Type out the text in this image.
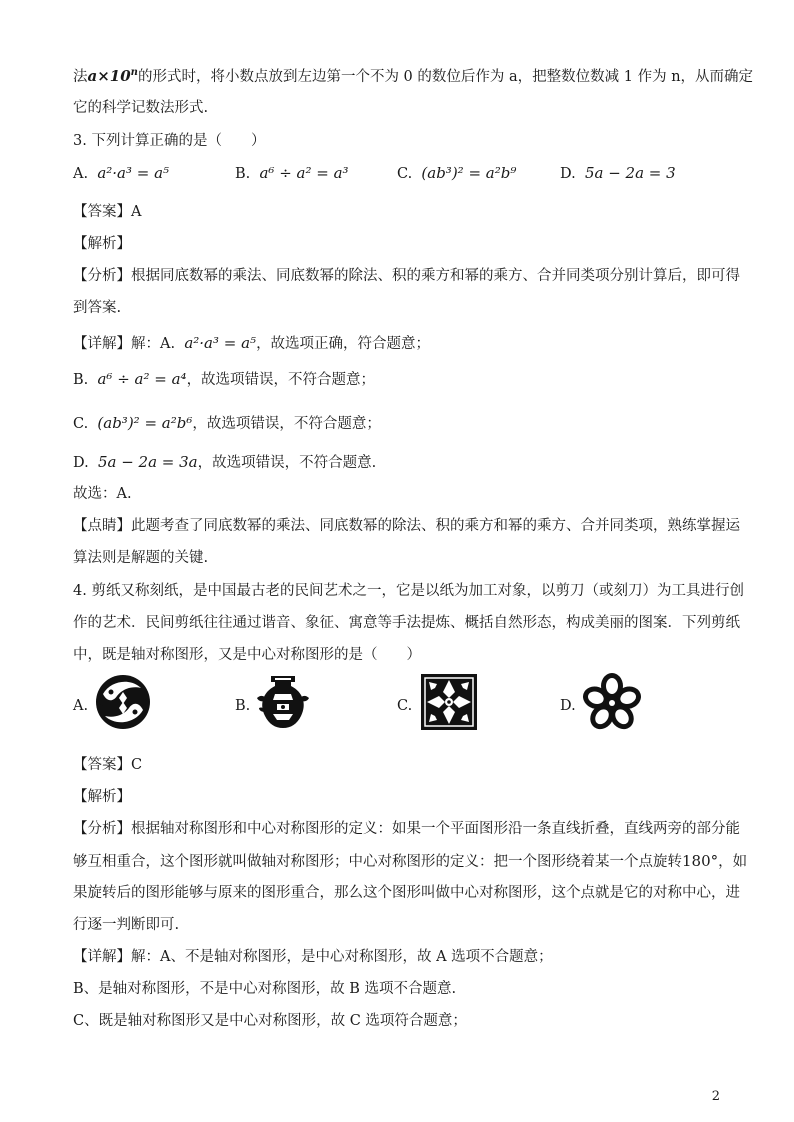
法$a\times 10^n$的形式时，将小数点放到左边第一个不为 0 的数位后作为 a，把整数位数减 1 作为 n，从而确定
它的科学记数法形式.
3. 下列计算正确的是（　　）
A. a²·a³ = a⁵	B. a⁶ ÷ a² = a³	C. (ab³)² = a²b⁹	D. 5a − 2a = 3
【答案】A
【解析】
【分析】根据同底数幂的乘法、同底数幂的除法、积的乘方和幂的乘方、合并同类项分别计算后，即可得
到答案.
【详解】解：A. a²·a³ = a⁵，故选项正确，符合题意；
B. a⁶ ÷ a² = a⁴，故选项错误，不符合题意；
C. (ab³)² = a²b⁶，故选项错误，不符合题意；
D. 5a − 2a = 3a，故选项错误，不符合题意.
故选：A.
【点睛】此题考查了同底数幂的乘法、同底数幂的除法、积的乘方和幂的乘方、合并同类项，熟练掌握运
算法则是解题的关键.
4. 剪纸又称刻纸，是中国最古老的民间艺术之一，它是以纸为加工对象，以剪刀（或刻刀）为工具进行创
作的艺术．民间剪纸往往通过谐音、象征、寓意等手法提炼、概括自然形态，构成美丽的图案．下列剪纸
中，既是轴对称图形，又是中心对称图形的是（　　）
A.	B.	C.	D.
【答案】C
【解析】
【分析】根据轴对称图形和中心对称图形的定义：如果一个平面图形沿一条直线折叠，直线两旁的部分能
够互相重合，这个图形就叫做轴对称图形；中心对称图形的定义：把一个图形绕着某一个点旋转180°，如
果旋转后的图形能够与原来的图形重合，那么这个图形叫做中心对称图形，这个点就是它的对称中心，进
行逐一判断即可.
【详解】解：A、不是轴对称图形，是中心对称图形，故 A 选项不合题意；
B、是轴对称图形，不是中心对称图形，故 B 选项不合题意.
C、既是轴对称图形又是中心对称图形，故 C 选项符合题意；
2
